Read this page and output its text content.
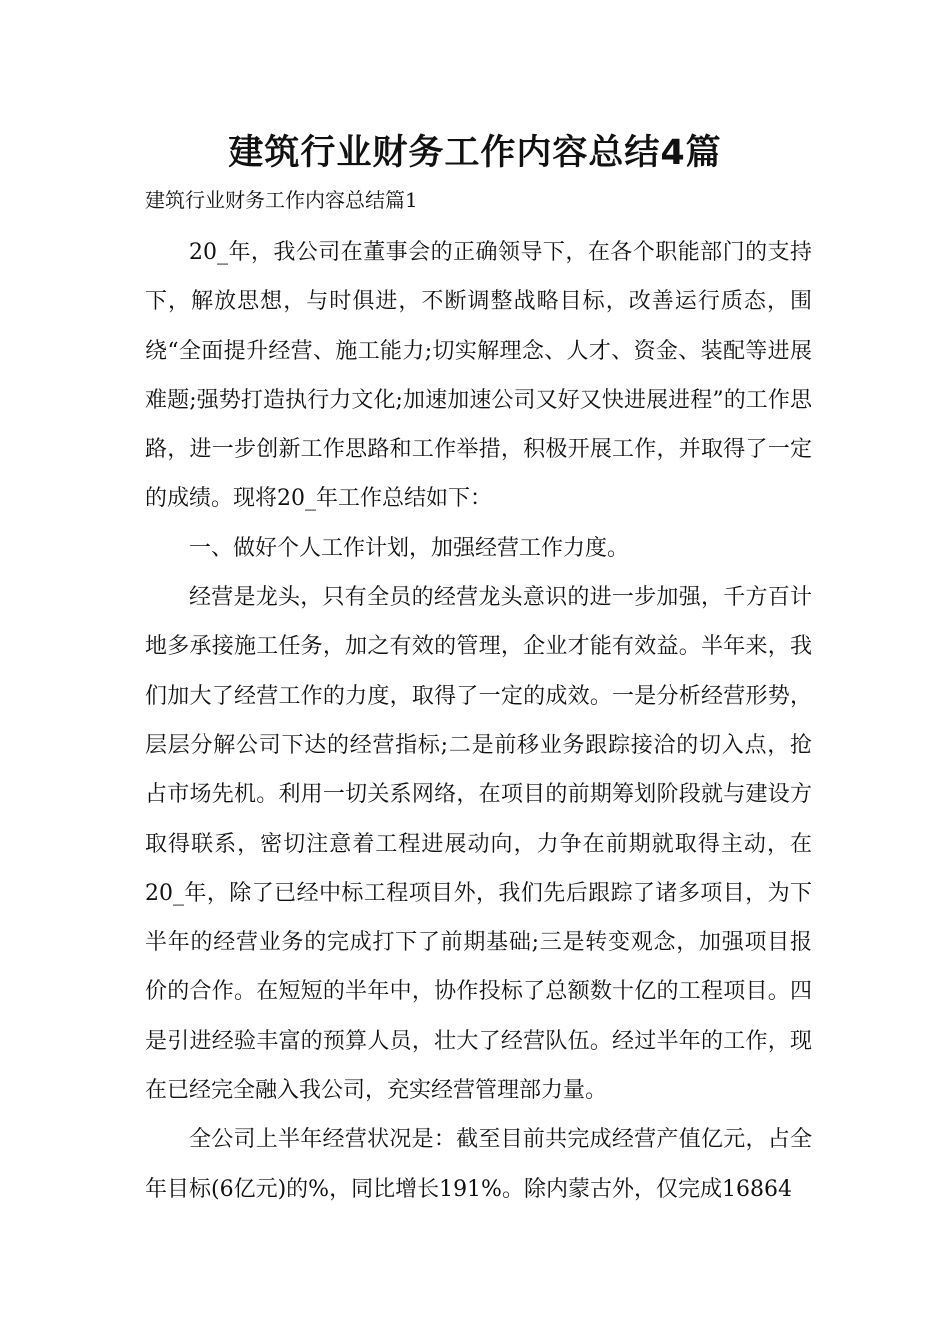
建筑行业财务工作内容总结4篇

建筑行业财务工作内容总结篇1

20_年，我公司在董事会的正确领导下，在各个职能部门的支持下，解放思想，与时俱进，不断调整战略目标，改善运行质态，围绕“全面提升经营、施工能力;切实解理念、人才、资金、装配等进展难题;强势打造执行力文化;加速加速公司又好又快进展进程”的工作思路，进一步创新工作思路和工作举措，积极开展工作，并取得了一定的成绩。现将20_年工作总结如下：

一、做好个人工作计划，加强经营工作力度。

经营是龙头，只有全员的经营龙头意识的进一步加强，千方百计地多承接施工任务，加之有效的管理，企业才能有效益。半年来，我们加大了经营工作的力度，取得了一定的成效。一是分析经营形势，层层分解公司下达的经营指标;二是前移业务跟踪接洽的切入点，抢占市场先机。利用一切关系网络，在项目的前期筹划阶段就与建设方取得联系，密切注意着工程进展动向，力争在前期就取得主动，在20_年，除了已经中标工程项目外，我们先后跟踪了诸多项目，为下半年的经营业务的完成打下了前期基础;三是转变观念，加强项目报价的合作。在短短的半年中，协作投标了总额数十亿的工程项目。四是引进经验丰富的预算人员，壮大了经营队伍。经过半年的工作，现在已经完全融入我公司，充实经营管理部力量。

全公司上半年经营状况是：截至目前共完成经营产值亿元，占全年目标(6亿元)的%，同比增长191%。除内蒙古外，仅完成16864
